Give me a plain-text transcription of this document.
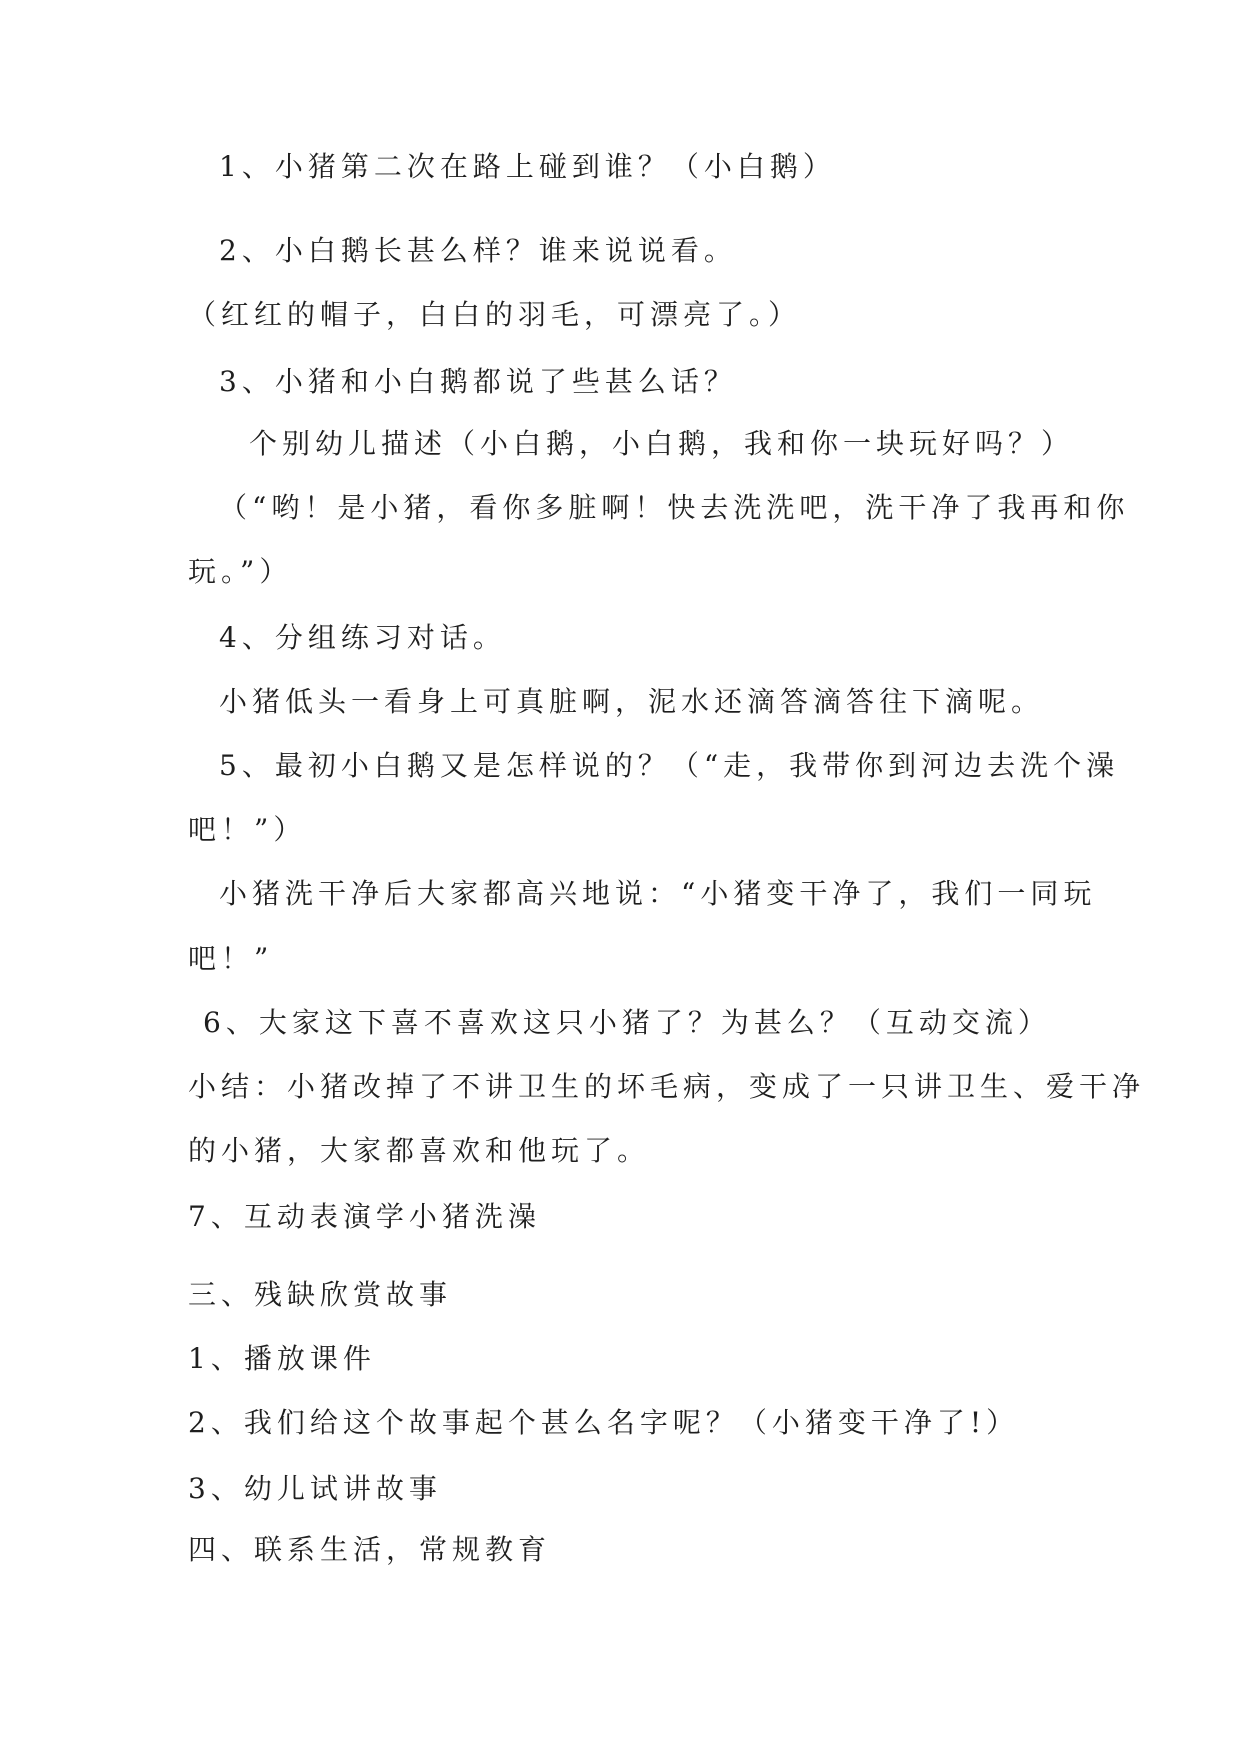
1、小猪第二次在路上碰到谁？（小白鹅）

2、小白鹅长甚么样？谁来说说看。

（红红的帽子，白白的羽毛，可漂亮了。）

3、小猪和小白鹅都说了些甚么话？

个别幼儿描述（小白鹅，小白鹅，我和你一块玩好吗？）

（“哟！是小猪，看你多脏啊！快去洗洗吧，洗干净了我再和你

玩。”）

4、分组练习对话。

小猪低头一看身上可真脏啊，泥水还滴答滴答往下滴呢。

5、最初小白鹅又是怎样说的？（“走，我带你到河边去洗个澡

吧！”）

小猪洗干净后大家都高兴地说：“小猪变干净了，我们一同玩

吧！”

6、大家这下喜不喜欢这只小猪了？为甚么？（互动交流）

小结：小猪改掉了不讲卫生的坏毛病，变成了一只讲卫生、爱干净

的小猪，大家都喜欢和他玩了。

7、互动表演学小猪洗澡

三、残缺欣赏故事

1、播放课件

2、我们给这个故事起个甚么名字呢？（小猪变干净了!）

3、幼儿试讲故事

四、联系生活，常规教育
